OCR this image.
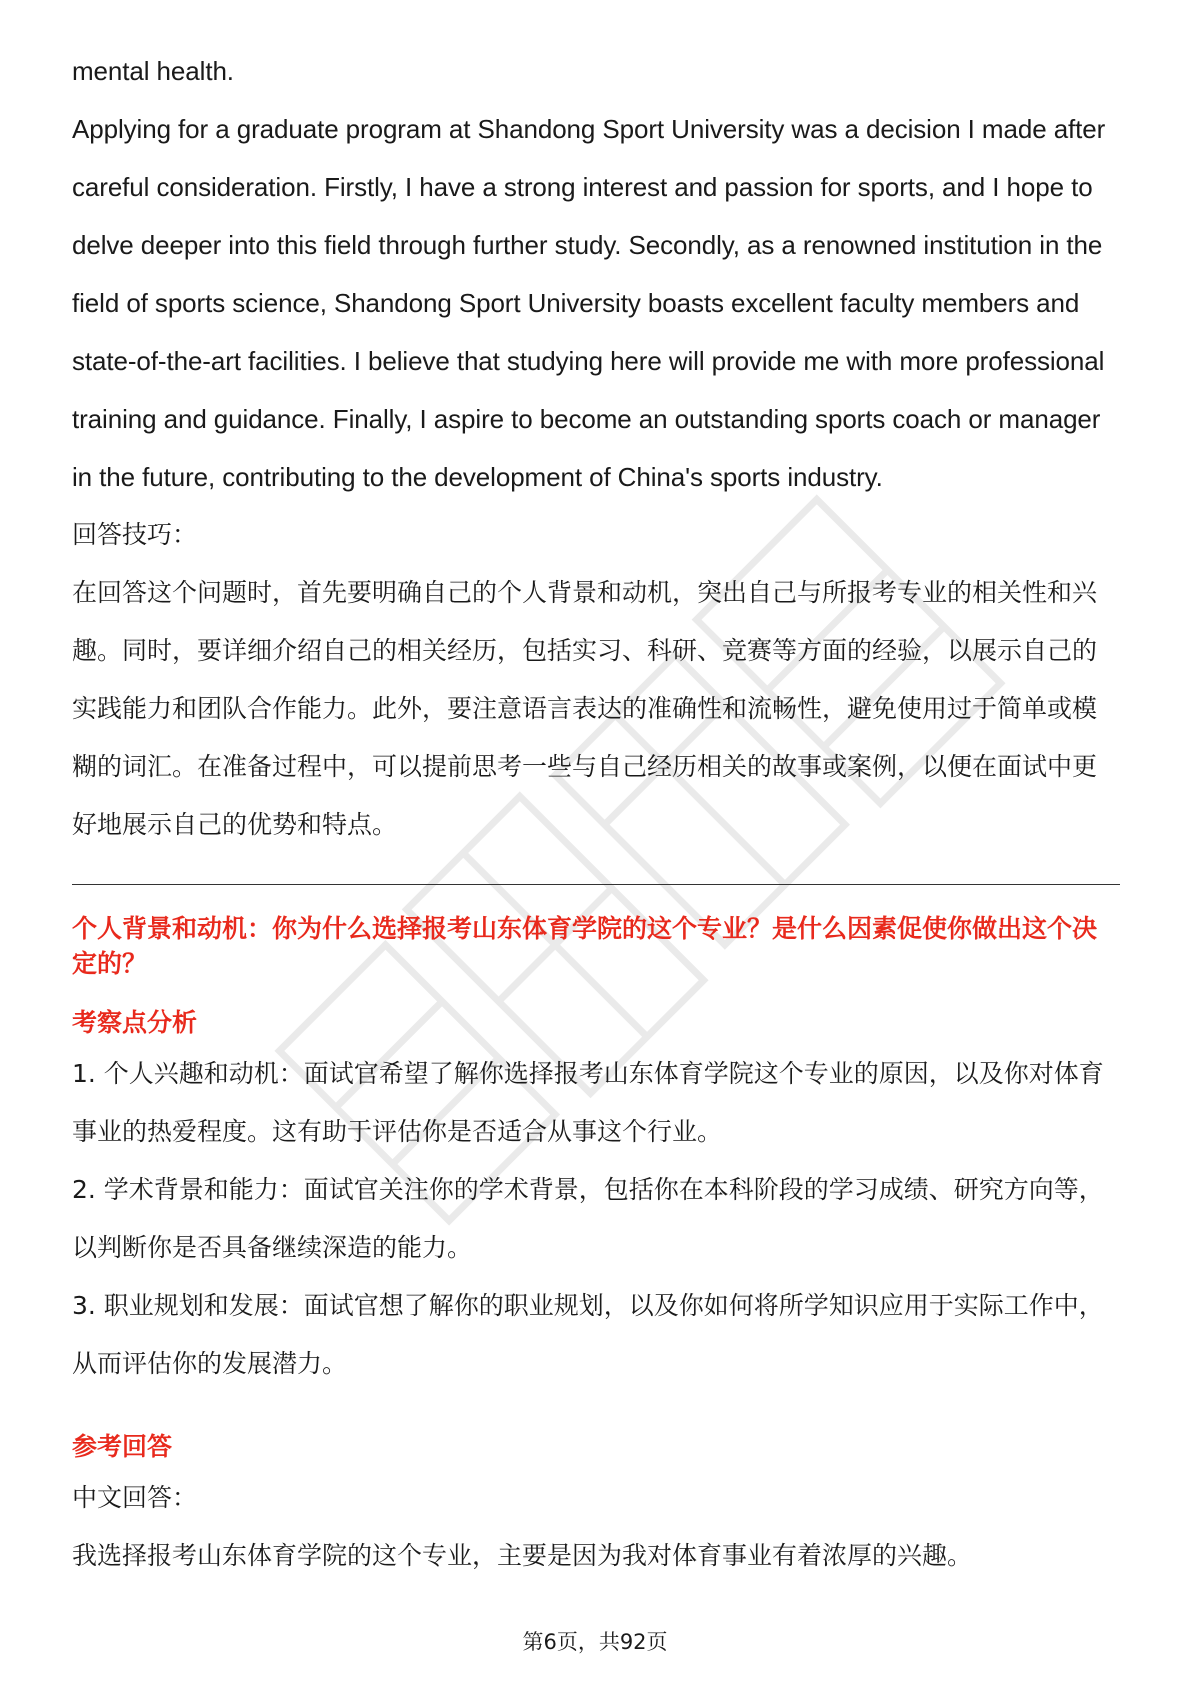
mental health.

Applying for a graduate program at Shandong Sport University was a decision I made after careful consideration. Firstly, I have a strong interest and passion for sports, and I hope to delve deeper into this field through further study. Secondly, as a renowned institution in the field of sports science, Shandong Sport University boasts excellent faculty members and state-of-the-art facilities. I believe that studying here will provide me with more professional training and guidance. Finally, I aspire to become an outstanding sports coach or manager in the future, contributing to the development of China's sports industry.

回答技巧：

在回答这个问题时，首先要明确自己的个人背景和动机，突出自己与所报考专业的相关性和兴趣。同时，要详细介绍自己的相关经历，包括实习、科研、竞赛等方面的经验，以展示自己的实践能力和团队合作能力。此外，要注意语言表达的准确性和流畅性，避免使用过于简单或模糊的词汇。在准备过程中，可以提前思考一些与自己经历相关的故事或案例，以便在面试中更好地展示自己的优势和特点。

个人背景和动机：你为什么选择报考山东体育学院的这个专业？是什么因素促使你做出这个决定的？

考察点分析

1. 个人兴趣和动机：面试官希望了解你选择报考山东体育学院这个专业的原因，以及你对体育事业的热爱程度。这有助于评估你是否适合从事这个行业。

2. 学术背景和能力：面试官关注你的学术背景，包括你在本科阶段的学习成绩、研究方向等，以判断你是否具备继续深造的能力。

3. 职业规划和发展：面试官想了解你的职业规划，以及你如何将所学知识应用于实际工作中，从而评估你的发展潜力。

参考回答

中文回答：

我选择报考山东体育学院的这个专业，主要是因为我对体育事业有着浓厚的兴趣。

第6页，共92页
